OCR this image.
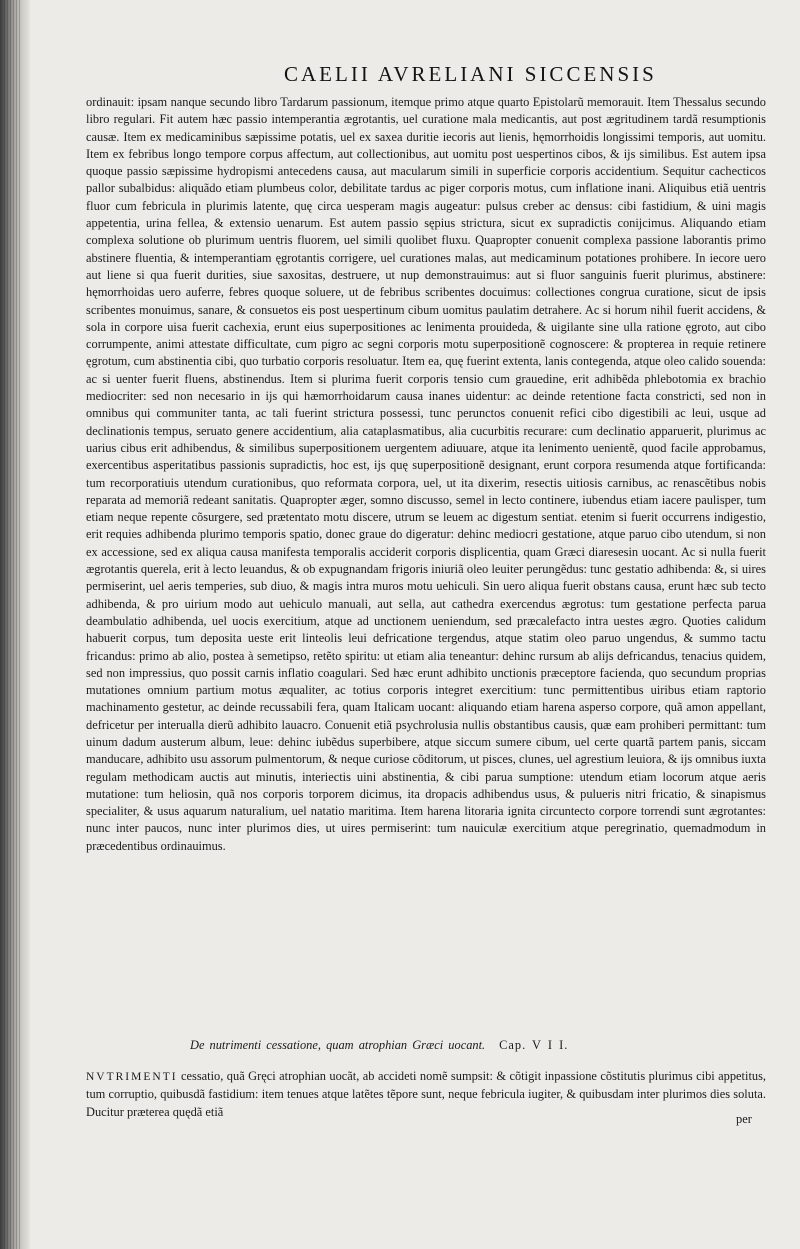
CAELII AVRELIANI SICCENSIS

ordinauit: ipsam nanque secundo libro Tardarum passionum, itemque primo atque quarto Epistolarũ memorauit. Item Thessalus secundo libro regulari. Fit autem hæc passio intemperantia ægrotantis, uel curatione mala medicantis, aut post ægritudinem tardã resumptionis causæ. Item ex medicaminibus sæpissime potatis, uel ex saxea duritie iecoris aut lienis, hęmorrhoidis longissimi temporis, aut uomitu. Item ex febribus longo tempore corpus affectum, aut collectionibus, aut uomitu post uespertinos cibos, & ijs similibus. Est autem ipsa quoque passio sæpissime hydropismi antecedens causa, aut macularum simili in superficie corporis accidentium. Sequitur cachecticos pallor subalbidus: aliquãdo etiam plumbeus color, debilitate tardus ac piger corporis motus, cum inflatione inani. Aliquibus etiã uentris fluor cum febricula in plurimis latente, quę circa uesperam magis augeatur: pulsus creber ac densus: cibi fastidium, & uini magis appetentia, urina fellea, & extensio uenarum. Est autem passio sępius strictura, sicut ex supradictis conijcimus. Aliquando etiam complexa solutione ob plurimum uentris fluorem, uel simili quolibet fluxu. Quapropter conuenit complexa passione laborantis primo abstinere fluentia, & intemperantiam ęgrotantis corrigere, uel curationes malas, aut medicaminum potationes prohibere. In iecore uero aut liene si qua fuerit durities, siue saxositas, destruere, ut nup demonstrauimus: aut si fluor sanguinis fuerit plurimus, abstinere: hęmorrhoidas uero auferre, febres quoque soluere, ut de febribus scribentes docuimus: collectiones congrua curatione, sicut de ipsis scribentes monuimus, sanare, & consuetos eis post uespertinum cibum uomitus paulatim detrahere. Ac si horum nihil fuerit accidens, & sola in corpore uisa fuerit cachexia, erunt eius superpositiones ac lenimenta prouideda, & uigilante sine ulla ratione ęgroto, aut cibo corrumpente, animi attestate difficultate, cum pigro ac segni corporis motu superpositionẽ cognoscere: & propterea in requie retinere ęgrotum, cum abstinentia cibi, quo turbatio corporis resoluatur. Item ea, quę fuerint extenta, lanis contegenda, atque oleo calido souenda: ac si uenter fuerit fluens, abstinendus. Item si plurima fuerit corporis tensio cum grauedine, erit adhibẽda phlebotomia ex brachio mediocriter: sed non necesario in ijs qui hæmorrhoidarum causa inanes uidentur: ac deinde retentione facta constricti, sed non in omnibus qui communiter tanta, ac tali fuerint strictura possessi, tunc perunctos conuenit refici cibo digestibili ac leui, usque ad declinationis tempus, seruato genere accidentium, alia cataplasmatibus, alia cucurbitis recurare: cum declinatio apparuerit, plurimus ac uarius cibus erit adhibendus, & similibus superpositionem uergentem adiuuare, atque ita lenimento uenientẽ, quod facile approbamus, exercentibus asperitatibus passionis supradictis, hoc est, ijs quę superpositionẽ designant, erunt corpora resumenda atque fortificanda: tum recorporatiuis utendum curationibus, quo reformata corpora, uel, ut ita dixerim, resectis uitiosis carnibus, ac renascẽtibus nobis reparata ad memoriã redeant sanitatis. Quapropter æger, somno discusso, semel in lecto continere, iubendus etiam iacere paulisper, tum etiam neque repente cõsurgere, sed prætentato motu discere, utrum se leuem ac digestum sentiat. etenim si fuerit occurrens indigestio, erit requies adhibenda plurimo temporis spatio, donec graue do digeratur: dehinc mediocri gestatione, atque paruo cibo utendum, si non ex accessione, sed ex aliqua causa manifesta temporalis acciderit corporis displicentia, quam Græci diaresesin uocant. Ac si nulla fuerit ægrotantis querela, erit à lecto leuandus, & ob expugnandam frigoris iniuriã oleo leuiter perungẽdus: tunc gestatio adhibenda: &, si uires permiserint, uel aeris temperies, sub diuo, & magis intra muros motu uehiculi. Sin uero aliqua fuerit obstans causa, erunt hæc sub tecto adhibenda, & pro uirium modo aut uehiculo manuali, aut sella, aut cathedra exercendus ægrotus: tum gestatione perfecta parua deambulatio adhibenda, uel uocis exercitium, atque ad unctionem ueniendum, sed præcalefacto intra uestes ægro. Quoties calidum habuerit corpus, tum deposita ueste erit linteolis leui defricatione tergendus, atque statim oleo paruo ungendus, & summo tactu fricandus: primo ab alio, postea à semetipso, retẽto spiritu: ut etiam alia teneantur: dehinc rursum ab alijs defricandus, tenacius quidem, sed non impressius, quo possit carnis inflatio coagulari. Sed hæc erunt adhibito unctionis præceptore facienda, quo secundum proprias mutationes omnium partium motus æqualiter, ac totius corporis integret exercitium: tunc permittentibus uiribus etiam raptorio machinamento gestetur, ac deinde recussabili fera, quam Italicam uocant: aliquando etiam harena asperso corpore, quã amon appellant, defricetur per interualla dierũ adhibito lauacro. Conuenit etiã psychrolusia nullis obstantibus causis, quæ eam prohiberi permittant: tum uinum dadum austerum album, leue: dehinc iubẽdus superbibere, atque siccum sumere cibum, uel certe quartã partem panis, siccam manducare, adhibito usu assorum pulmentorum, & neque curiose cõditorum, ut pisces, clunes, uel agrestium leuiora, & ijs omnibus iuxta regulam methodicam auctis aut minutis, interiectis uini abstinentia, & cibi parua sumptione: utendum etiam locorum atque aeris mutatione: tum heliosin, quã nos corporis torporem dicimus, ita dropacis adhibendus usus, & pulueris nitri fricatio, & sinapismus specialiter, & usus aquarum naturalium, uel natatio maritima. Item harena litoraria ignita circuntecto corpore torrendi sunt ægrotantes: nunc inter paucos, nunc inter plurimos dies, ut uires permiserint: tum nauiculæ exercitium atque peregrinatio, quemadmodum in præcedentibus ordinauimus.

De nutrimenti cessatione, quam atrophian Græci uocant. Cap. V I I.

NVTRIMENTI cessatio, quã Gręci atrophian uocãt, ab accideti nomẽ sumpsit: & cõtigit inpassione cõstitutis plurimus cibi appetitus, tum corruptio, quibusdã fastidium: item tenues atque latẽtes tẽpore sunt, neque febricula iugiter, & quibusdam inter plurimos dies soluta. Ducitur præterea quędã etiã

per
